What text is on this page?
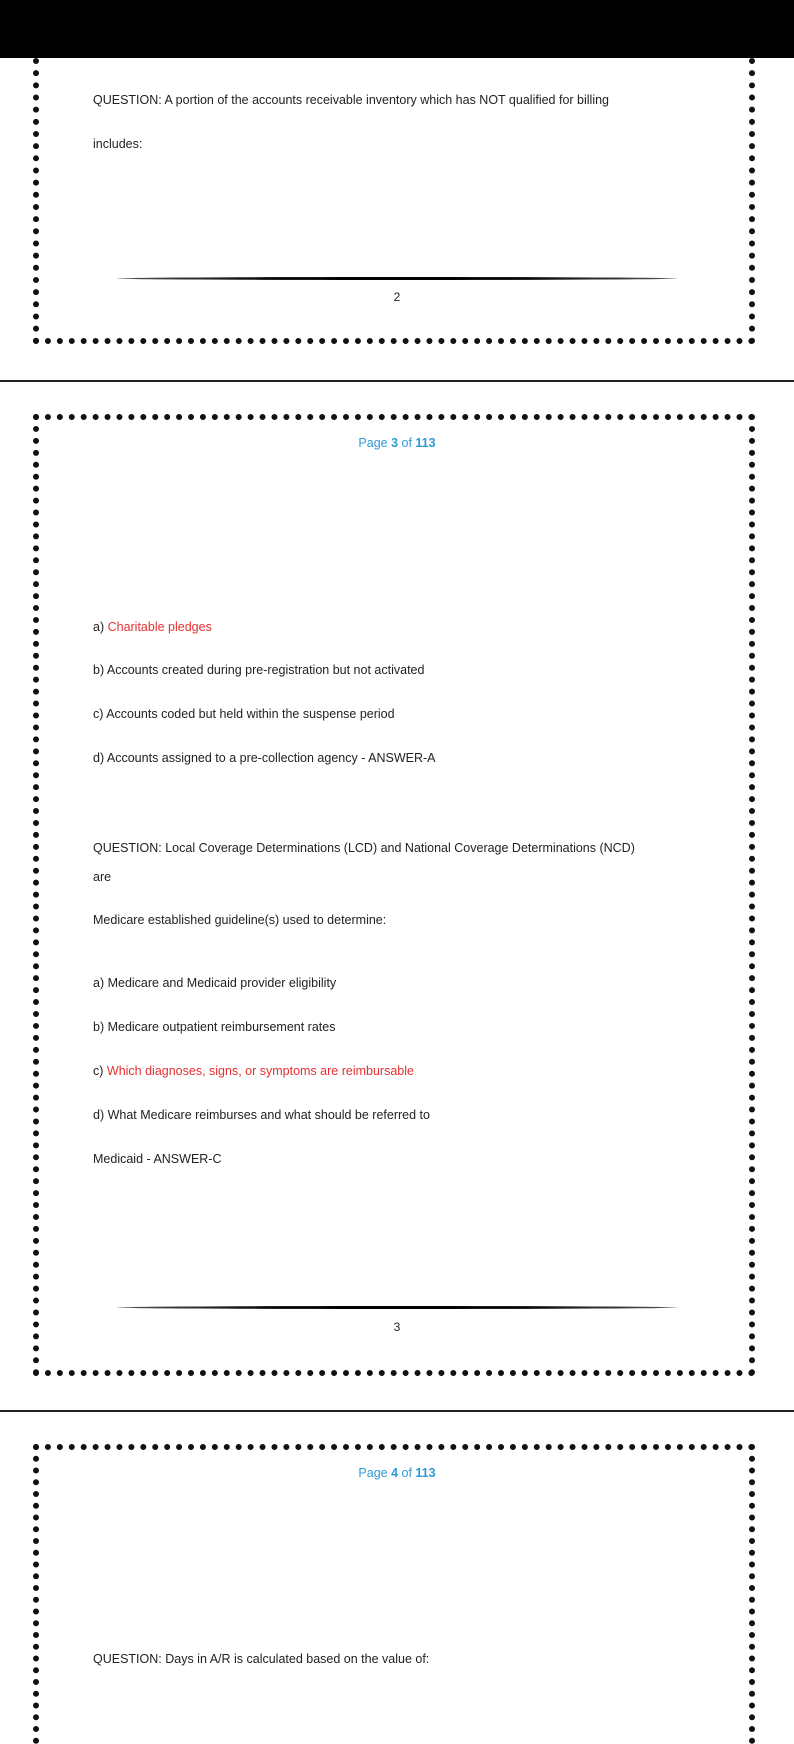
QUESTION: A portion of the accounts receivable inventory which has NOT qualified for billing
includes:
2
Page 3 of 113
a) Charitable pledges
b) Accounts created during pre-registration but not activated
c) Accounts coded but held within the suspense period
d) Accounts assigned to a pre-collection agency - ANSWER-A
QUESTION: Local Coverage Determinations (LCD) and National Coverage Determinations (NCD)
are
Medicare established guideline(s) used to determine:
a) Medicare and Medicaid provider eligibility
b) Medicare outpatient reimbursement rates
c) Which diagnoses, signs, or symptoms are reimbursable
d) What Medicare reimburses and what should be referred to
Medicaid - ANSWER-C
3
Page 4 of 113
QUESTION: Days in A/R is calculated based on the value of:
